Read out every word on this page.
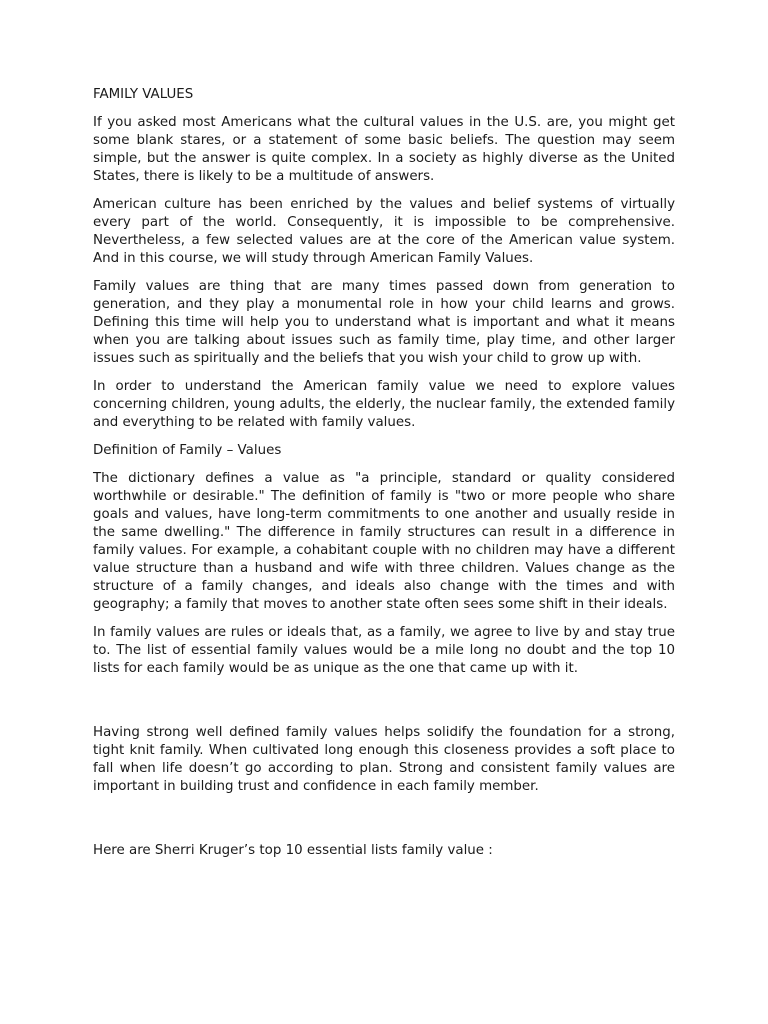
FAMILY VALUES

If you asked most Americans what the cultural values in the U.S. are, you might get some blank stares, or a statement of some basic beliefs. The question may seem simple, but the answer is quite complex. In a society as highly diverse as the United States, there is likely to be a multitude of answers.

American culture has been enriched by the values and belief systems of virtually every part of the world. Consequently, it is impossible to be comprehensive. Nevertheless, a few selected values are at the core of the American value system. And in this course, we will study through American Family Values.

Family values are thing that are many times passed down from generation to generation, and they play a monumental role in how your child learns and grows. Defining this time will help you to understand what is important and what it means when you are talking about issues such as family time, play time, and other larger issues such as spiritually and the beliefs that you wish your child to grow up with.

In order to understand the American family value we need to explore values concerning children, young adults, the elderly, the nuclear family, the extended family and everything to be related with family values.

Definition of Family – Values

The dictionary defines a value as "a principle, standard or quality considered worthwhile or desirable." The definition of family is "two or more people who share goals and values, have long-term commitments to one another and usually reside in the same dwelling." The difference in family structures can result in a difference in family values. For example, a cohabitant couple with no children may have a different value structure than a husband and wife with three children. Values change as the structure of a family changes, and ideals also change with the times and with geography; a family that moves to another state often sees some shift in their ideals.

In family values are rules or ideals that, as a family, we agree to live by and stay true to. The list of essential family values would be a mile long no doubt and the top 10 lists for each family would be as unique as the one that came up with it.

Having strong well defined family values helps solidify the foundation for a strong, tight knit family. When cultivated long enough this closeness provides a soft place to fall when life doesn’t go according to plan. Strong and consistent family values are important in building trust and confidence in each family member.

Here are Sherri Kruger’s top 10 essential lists family value :
